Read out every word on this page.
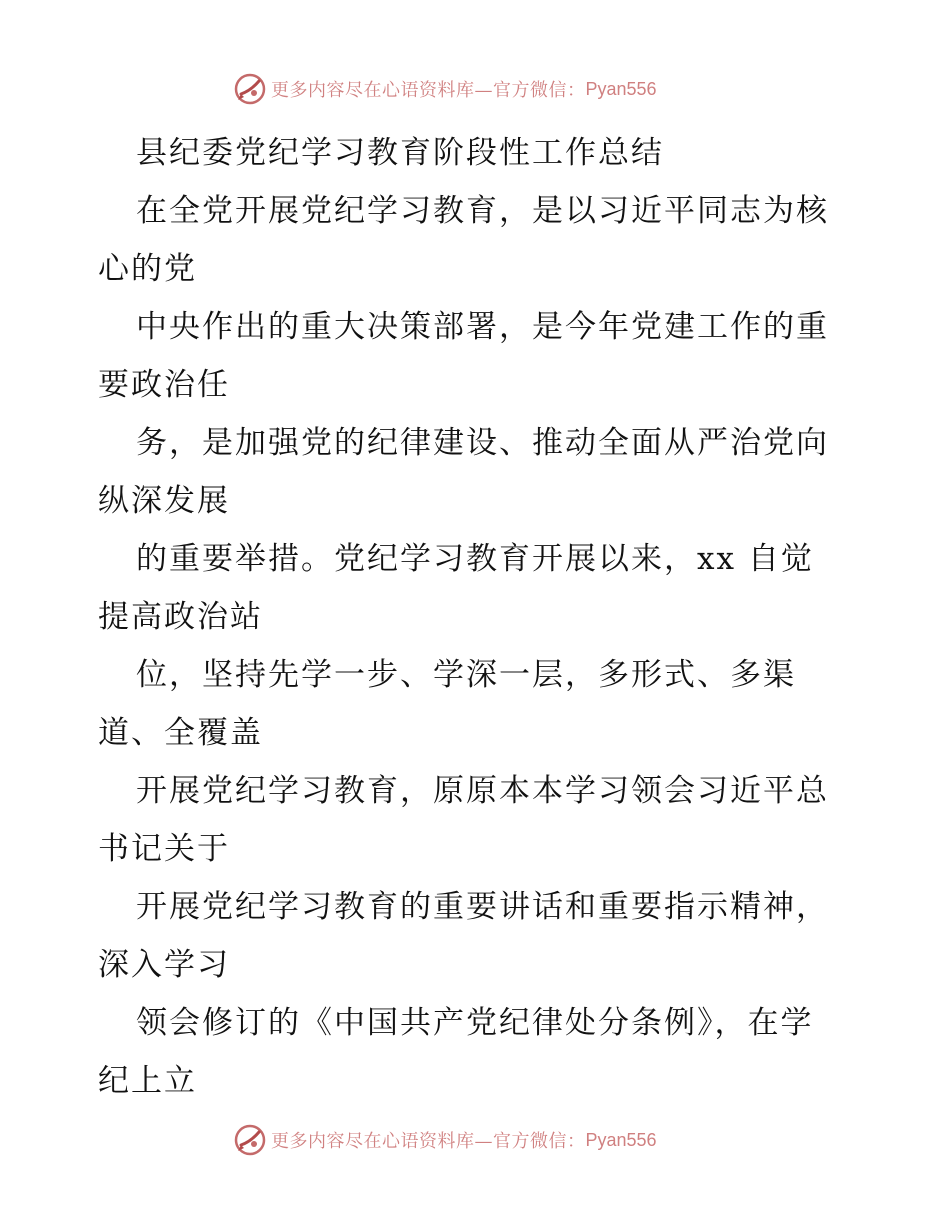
更多内容尽在心语资料库—官方微信： Pyan556
县纪委党纪学习教育阶段性工作总结
在全党开展党纪学习教育，是以习近平同志为核
心的党
中央作出的重大决策部署，是今年党建工作的重
要政治任
务，是加强党的纪律建设、推动全面从严治党向
纵深发展
的重要举措。党纪学习教育开展以来，xx 自觉
提高政治站
位，坚持先学一步、学深一层，多形式、多渠
道、全覆盖
开展党纪学习教育，原原本本学习领会习近平总
书记关于
开展党纪学习教育的重要讲话和重要指示精神，
深入学习
领会修订的《中国共产党纪律处分条例》，在学
纪上立
更多内容尽在心语资料库—官方微信： Pyan556
